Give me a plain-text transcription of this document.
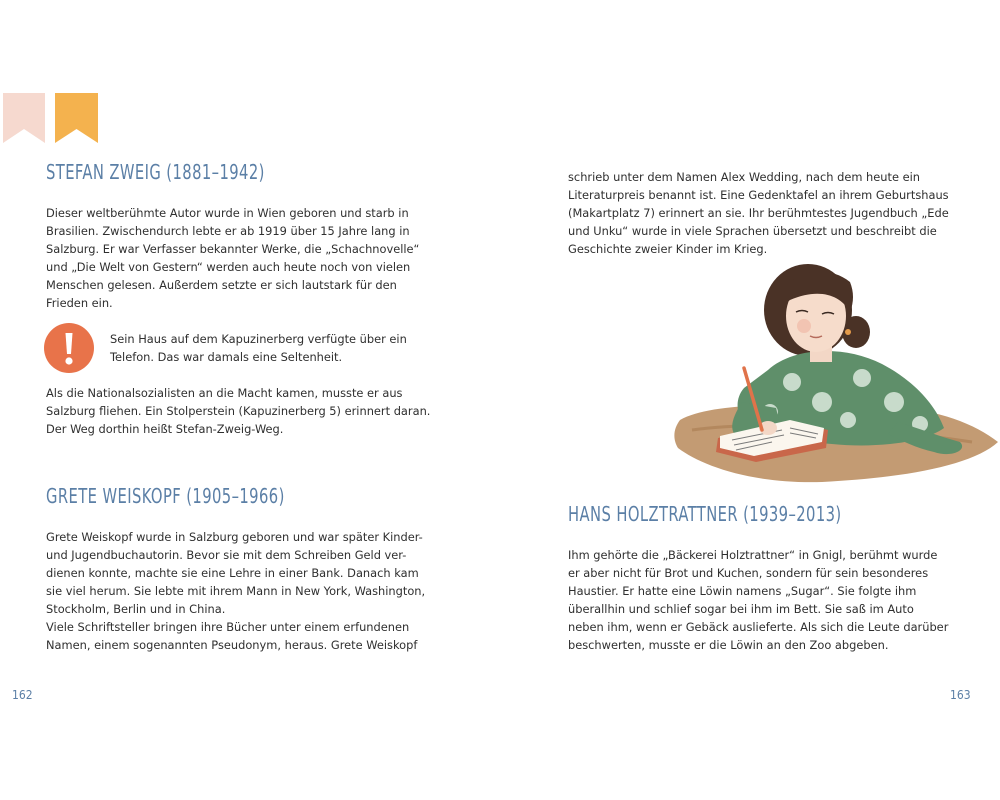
STEFAN ZWEIG (1881–1942)

Dieser weltberühmte Autor wurde in Wien geboren und starb in
Brasilien. Zwischendurch lebte er ab 1919 über 15 Jahre lang in
Salzburg. Er war Verfasser bekannter Werke, die „Schachnovelle“
und „Die Welt von Gestern“ werden auch heute noch von vielen
Menschen gelesen. Außerdem setzte er sich lautstark für den
Frieden ein.

Sein Haus auf dem Kapuzinerberg verfügte über ein
Telefon. Das war damals eine Seltenheit.

Als die Nationalsozialisten an die Macht kamen, musste er aus
Salzburg fliehen. Ein Stolperstein (Kapuzinerberg 5) erinnert daran.
Der Weg dorthin heißt Stefan-Zweig-Weg.

GRETE WEISKOPF (1905–1966)

Grete Weiskopf wurde in Salzburg geboren und war später Kinder-
und Jugendbuchautorin. Bevor sie mit dem Schreiben Geld ver-
dienen konnte, machte sie eine Lehre in einer Bank. Danach kam
sie viel herum. Sie lebte mit ihrem Mann in New York, Washington,
Stockholm, Berlin und in China.
Viele Schriftsteller bringen ihre Bücher unter einem erfundenen
Namen, einem sogenannten Pseudonym, heraus. Grete Weiskopf

162

schrieb unter dem Namen Alex Wedding, nach dem heute ein
Literaturpreis benannt ist. Eine Gedenktafel an ihrem Geburtshaus
(Makartplatz 7) erinnert an sie. Ihr berühmtestes Jugendbuch „Ede
und Unku“ wurde in viele Sprachen übersetzt und beschreibt die
Geschichte zweier Kinder im Krieg.

HANS HOLZTRATTNER (1939–2013)

Ihm gehörte die „Bäckerei Holztrattner“ in Gnigl, berühmt wurde
er aber nicht für Brot und Kuchen, sondern für sein besonderes
Haustier. Er hatte eine Löwin namens „Sugar“. Sie folgte ihm
überallhin und schlief sogar bei ihm im Bett. Sie saß im Auto
neben ihm, wenn er Gebäck auslieferte. Als sich die Leute darüber
beschwerten, musste er die Löwin an den Zoo abgeben.

163
